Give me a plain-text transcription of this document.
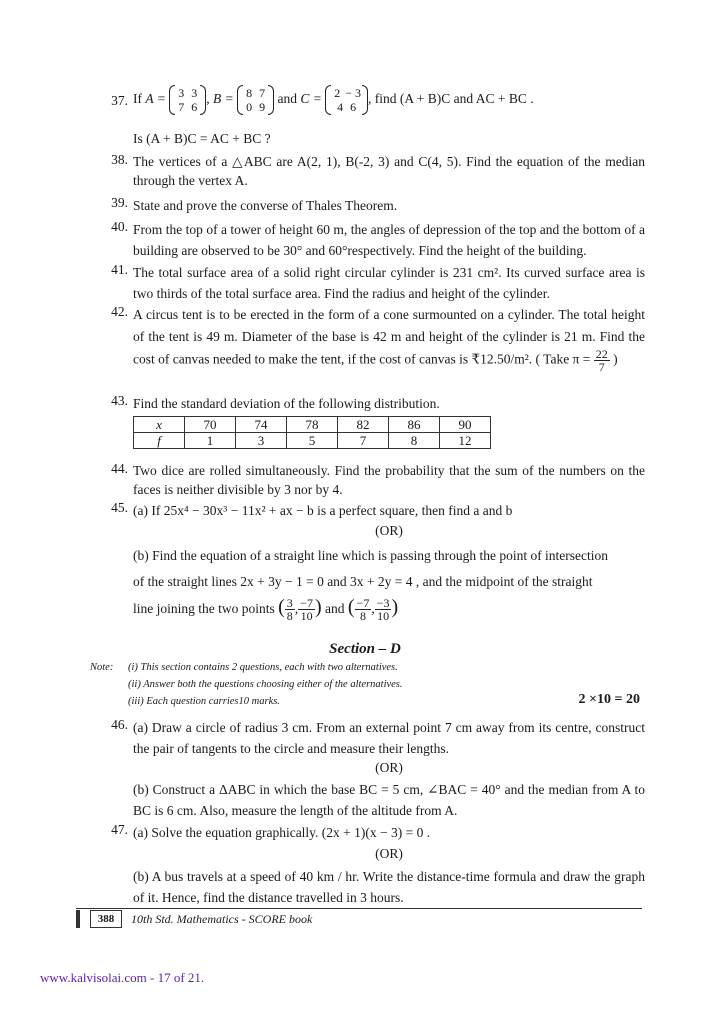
37. If A = 3 3
7 6, B = 8 7
0 9 and C = 2 − 3
4 6, find (A + B)C and AC + BC .
Is (A + B)C = AC + BC ?
38. The vertices of a △ABC are A(2, 1), B(-2, 3) and C(4, 5). Find the equation of the median through the vertex A.
39. State and prove the converse of Thales Theorem.
40. From the top of a tower of height 60 m, the angles of depression of the top and the bottom of a building are observed to be 30° and 60°respectively. Find the height of the building.
41. The total surface area of a solid right circular cylinder is 231 cm². Its curved surface area is two thirds of the total surface area. Find the radius and height of the cylinder.
42. A circus tent is to be erected in the form of a cone surmounted on a cylinder. The total height of the tent is 49 m. Diameter of the base is 42 m and height of the cylinder is 21 m. Find the cost of canvas needed to make the tent, if the cost of canvas is ₹12.50/m². ( Take $\pi = \frac{22}{7}$ )
43. Find the standard deviation of the following distribution.
x	70	74	78	82	86	90
f	1	3	5	7	8	12
44. Two dice are rolled simultaneously. Find the probability that the sum of the numbers on the faces is neither divisible by 3 nor by 4.
45. (a) If 25x⁴ − 30x³ − 11x² + ax − b is a perfect square, then find a and b
(OR)
(b) Find the equation of a straight line which is passing through the point of intersection
of the straight lines 2x + 3y − 1 = 0 and 3x + 2y = 4 , and the midpoint of the straight
line joining the two points ( $\frac{3}{8}$ , $\frac{-7}{10}$ ) and ( $\frac{-7}{8}$ , $\frac{-3}{10}$ )
Section – D
Note: (i) This section contains 2 questions, each with two alternatives.
(ii) Answer both the questions choosing either of the alternatives.
(iii) Each question carries10 marks.	2 ×10 = 20
46. (a) Draw a circle of radius 3 cm. From an external point 7 cm away from its centre, construct the pair of tangents to the circle and measure their lengths.
(OR)
(b) Construct a ΔABC in which the base BC = 5 cm, ∠BAC = 40° and the median from A to BC is 6 cm. Also, measure the length of the altitude from A.
47. (a) Solve the equation graphically. (2x + 1)(x − 3) = 0 .
(OR)
(b) A bus travels at a speed of 40 km / hr. Write the distance-time formula and draw the graph of it. Hence, find the distance travelled in 3 hours.
388	10th Std. Mathematics - SCORE book
www.kalvisolai.com - 17 of 21.
